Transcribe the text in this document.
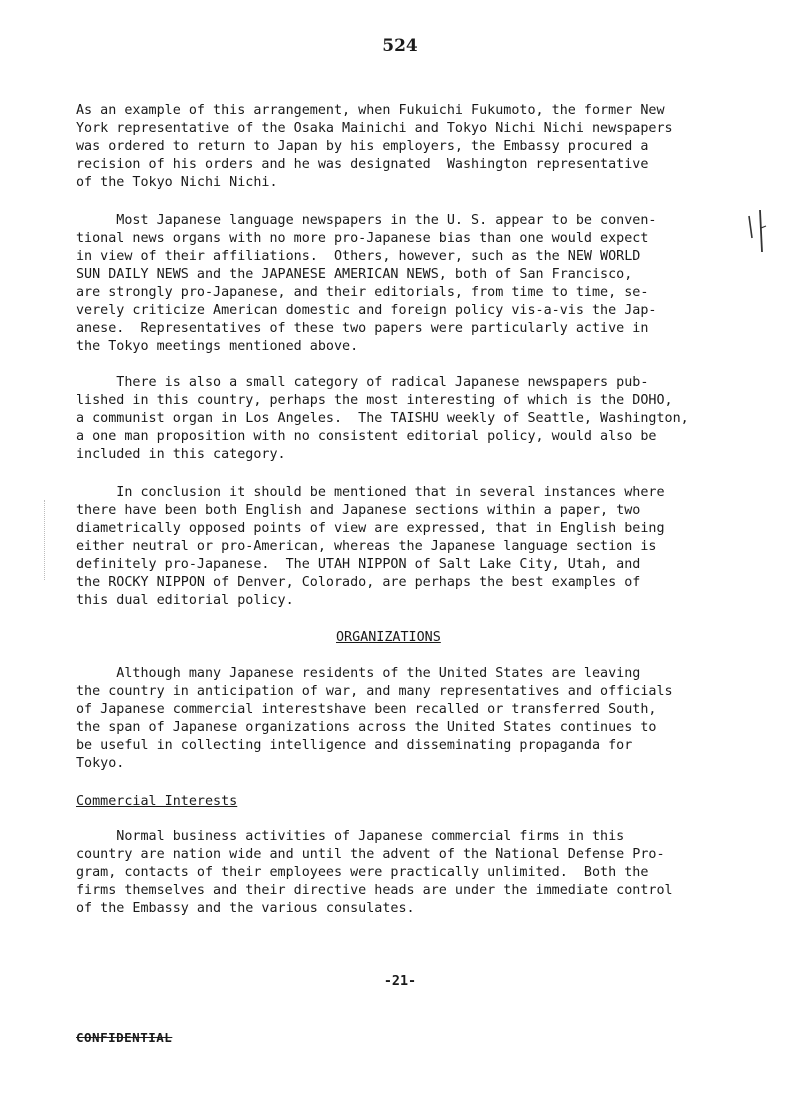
524

As an example of this arrangement, when Fukuichi Fukumoto, the former New
York representative of the Osaka Mainichi and Tokyo Nichi Nichi newspapers
was ordered to return to Japan by his employers, the Embassy procured a
recision of his orders and he was designated  Washington representative
of the Tokyo Nichi Nichi.

Most Japanese language newspapers in the U. S. appear to be conven-
tional news organs with no more pro-Japanese bias than one would expect
in view of their affiliations.  Others, however, such as the NEW WORLD
SUN DAILY NEWS and the JAPANESE AMERICAN NEWS, both of San Francisco,
are strongly pro-Japanese, and their editorials, from time to time, se-
verely criticize American domestic and foreign policy vis-a-vis the Jap-
anese.  Representatives of these two papers were particularly active in
the Tokyo meetings mentioned above.

There is also a small category of radical Japanese newspapers pub-
lished in this country, perhaps the most interesting of which is the DOHO,
a communist organ in Los Angeles.  The TAISHU weekly of Seattle, Washington,
a one man proposition with no consistent editorial policy, would also be
included in this category.

In conclusion it should be mentioned that in several instances where
there have been both English and Japanese sections within a paper, two
diametrically opposed points of view are expressed, that in English being
either neutral or pro-American, whereas the Japanese language section is
definitely pro-Japanese.  The UTAH NIPPON of Salt Lake City, Utah, and
the ROCKY NIPPON of Denver, Colorado, are perhaps the best examples of
this dual editorial policy.

ORGANIZATIONS

Although many Japanese residents of the United States are leaving
the country in anticipation of war, and many representatives and officials
of Japanese commercial interestshave been recalled or transferred South,
the span of Japanese organizations across the United States continues to
be useful in collecting intelligence and disseminating propaganda for
Tokyo.

Commercial Interests

Normal business activities of Japanese commercial firms in this
country are nation wide and until the advent of the National Defense Pro-
gram, contacts of their employees were practically unlimited.  Both the
firms themselves and their directive heads are under the immediate control
of the Embassy and the various consulates.

-21-
CONFIDENTIAL
